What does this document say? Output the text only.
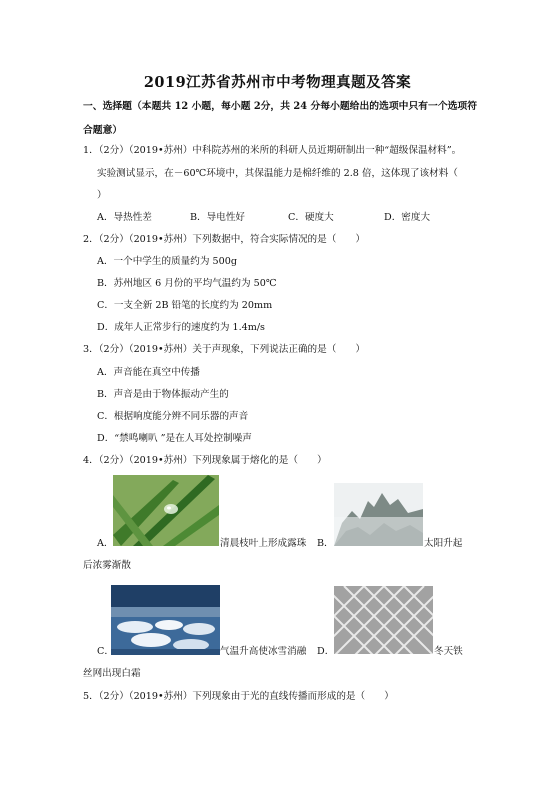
2019江苏省苏州市中考物理真题及答案
一、选择题（本题共 12 小题，每小题 2分，共 24 分每小题给出的选项中只有一个选项符
合题意）
1．（2分）（2019•苏州）中科院苏州的米所的科研人员近期研制出一种“超级保温材料”。
实验测试显示，在－60℃环境中，其保温能力是棉纤维的 2.8 倍，这体现了该材料（
）
A．导热性差	B．导电性好	C．硬度大	D．密度大
2．（2分）（2019•苏州）下列数据中，符合实际情况的是（　　）
A．一个中学生的质量约为 500g
B．苏州地区 6 月份的平均气温约为 50℃
C．一支全新 2B 铅笔的长度约为 20mm
D．成年人正常步行的速度约为 1.4m/s
3．（2分）（2019•苏州）关于声现象，下列说法正确的是（　　）
A．声音能在真空中传播
B．声音是由于物体振动产生的
C．根据响度能分辨不同乐器的声音
D．“禁鸣喇叭 ”是在人耳处控制噪声
4．（2分）（2019•苏州）下列现象属于熔化的是（　　）
A．	清晨枝叶上形成露珠 B．	太阳升起
后浓雾渐散
C．	气温升高使冰雪消融 D．	冬天铁
丝网出现白霜
5．（2分）（2019•苏州）下列现象由于光的直线传播而形成的是（　　）
